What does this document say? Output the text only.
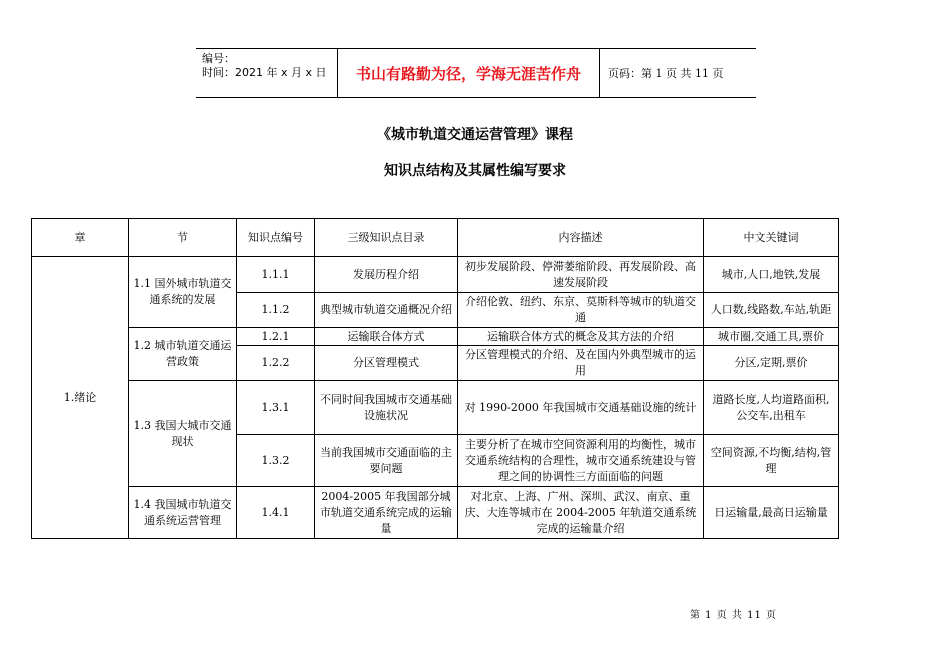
编号：
时间：2021 年 x 月 x 日	书山有路勤为径，学海无涯苦作舟	页码：第 1 页 共 11 页
《城市轨道交通运营管理》课程
知识点结构及其属性编写要求
章	节	知识点编号	三级知识点目录	内容描述	中文关键词
1.绪论	1.1 国外城市轨道交通系统的发展	1.1.1	发展历程介绍	初步发展阶段、停滞萎缩阶段、再发展阶段、高速发展阶段	城市,人口,地铁,发展
		1.1.2	典型城市轨道交通概况介绍	介绍伦敦、纽约、东京、莫斯科等城市的轨道交通	人口数,线路数,车站,轨距
	1.2 城市轨道交通运营政策	1.2.1	运输联合体方式	运输联合体方式的概念及其方法的介绍	城市圈,交通工具,票价
		1.2.2	分区管理模式	分区管理模式的介绍、及在国内外典型城市的运用	分区,定期,票价
	1.3 我国大城市交通现状	1.3.1	不同时间我国城市交通基础设施状况	对 1990-2000 年我国城市交通基础设施的统计	道路长度,人均道路面积,公交车,出租车
		1.3.2	当前我国城市交通面临的主要问题	主要分析了在城市空间资源利用的均衡性，城市交通系统结构的合理性，城市交通系统建设与管理之间的协调性三方面面临的问题	空间资源,不均衡,结构,管理
	1.4 我国城市轨道交通系统运营管理	1.4.1	2004-2005 年我国部分城市轨道交通系统完成的运输量	对北京、上海、广州、深圳、武汉、南京、重庆、大连等城市在 2004-2005 年轨道交通系统完成的运输量介绍	日运输量,最高日运输量
第 1 页 共 11 页
